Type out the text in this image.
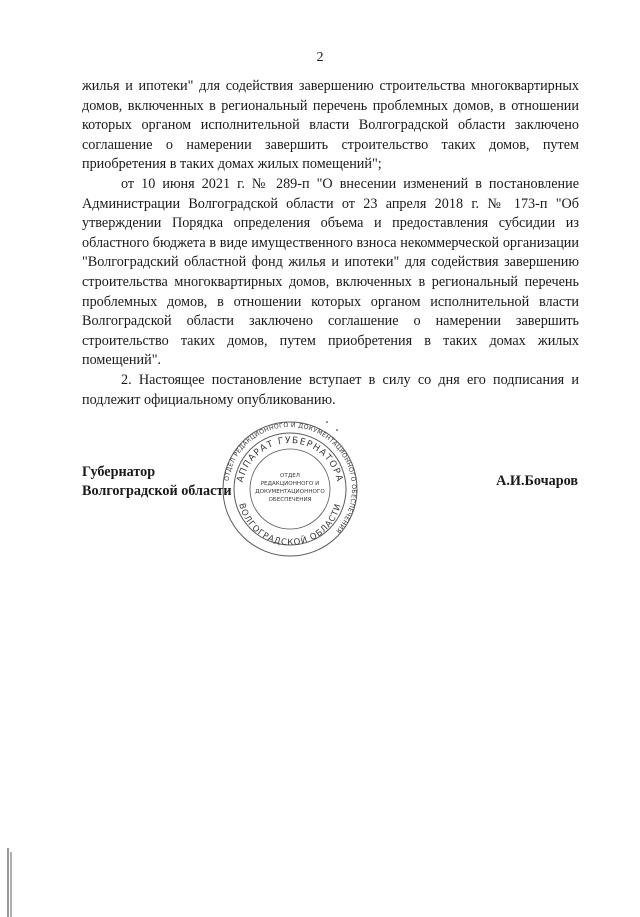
2

жилья и ипотеки" для содействия завершению строительства многоквартирных домов, включенных в региональный перечень проблемных домов, в отношении которых органом исполнительной власти Волгоградской области заключено соглашение о намерении завершить строительство таких домов, путем приобретения в таких домах жилых помещений";

от 10 июня 2021 г. № 289-п "О внесении изменений в постановление Администрации Волгоградской области от 23 апреля 2018 г. № 173-п "Об утверждении Порядка определения объема и предоставления субсидии из областного бюджета в виде имущественного взноса некоммерческой организации "Волгоградский областной фонд жилья и ипотеки" для содействия завершению строительства многоквартирных домов, включенных в региональный перечень проблемных домов, в отношении которых органом исполнительной власти Волгоградской области заключено соглашение о намерении завершить строительство таких домов, путем приобретения в таких домах жилых помещений".

2. Настоящее постановление вступает в силу со дня его подписания и подлежит официальному опубликованию.

Губернатор
Волгоградской области
ОТДЕЛ РЕДАКЦИОННОГО И ДОКУМЕНТАЦИОННОГО ОБЕСПЕЧЕНИЯ
АППАРАТ ГУБЕРНАТОРА
ВОЛГОГРАДСКОЙ ОБЛАСТИ
ОТДЕЛ
РЕДАКЦИОННОГО И
ДОКУМЕНТАЦИОННОГО
ОБЕСПЕЧЕНИЯ
А.И.Бочаров
